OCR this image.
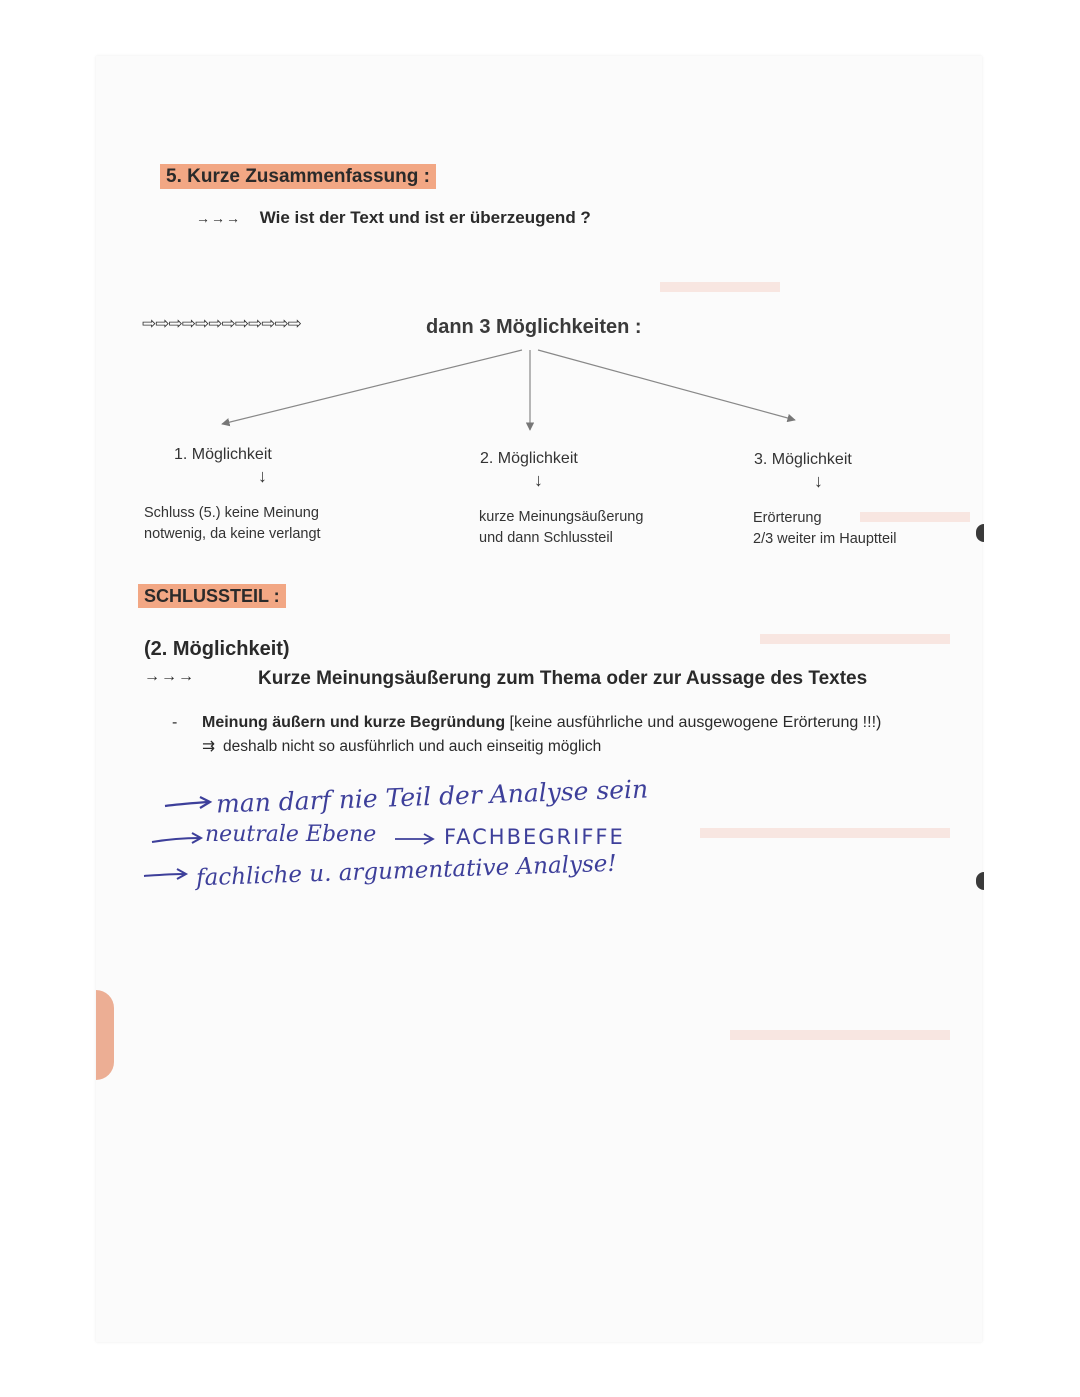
5. Kurze Zusammenfassung :
→→→ Wie ist der Text und ist er überzeugend ?
⇨⇨⇨⇨⇨⇨⇨⇨⇨⇨⇨⇨	dann 3 Möglichkeiten :
1. Möglichkeit
↓
Schluss (5.) keine Meinung
notwenig, da keine verlangt
2. Möglichkeit
↓
kurze Meinungsäußerung
und dann Schlussteil
3. Möglichkeit
↓
Erörterung
2/3 weiter im Hauptteil
SCHLUSSTEIL :
(2. Möglichkeit)
→→→	Kurze Meinungsäußerung zum Thema oder zur Aussage des Textes
- Meinung äußern und kurze Begründung [keine ausführliche und ausgewogene Erörterung !!!)
⇉ deshalb nicht so ausführlich und auch einseitig möglich
man darf nie Teil der Analyse sein
neutrale Ebene	FACHBEGRIFFE
fachliche u. argumentative Analyse!
